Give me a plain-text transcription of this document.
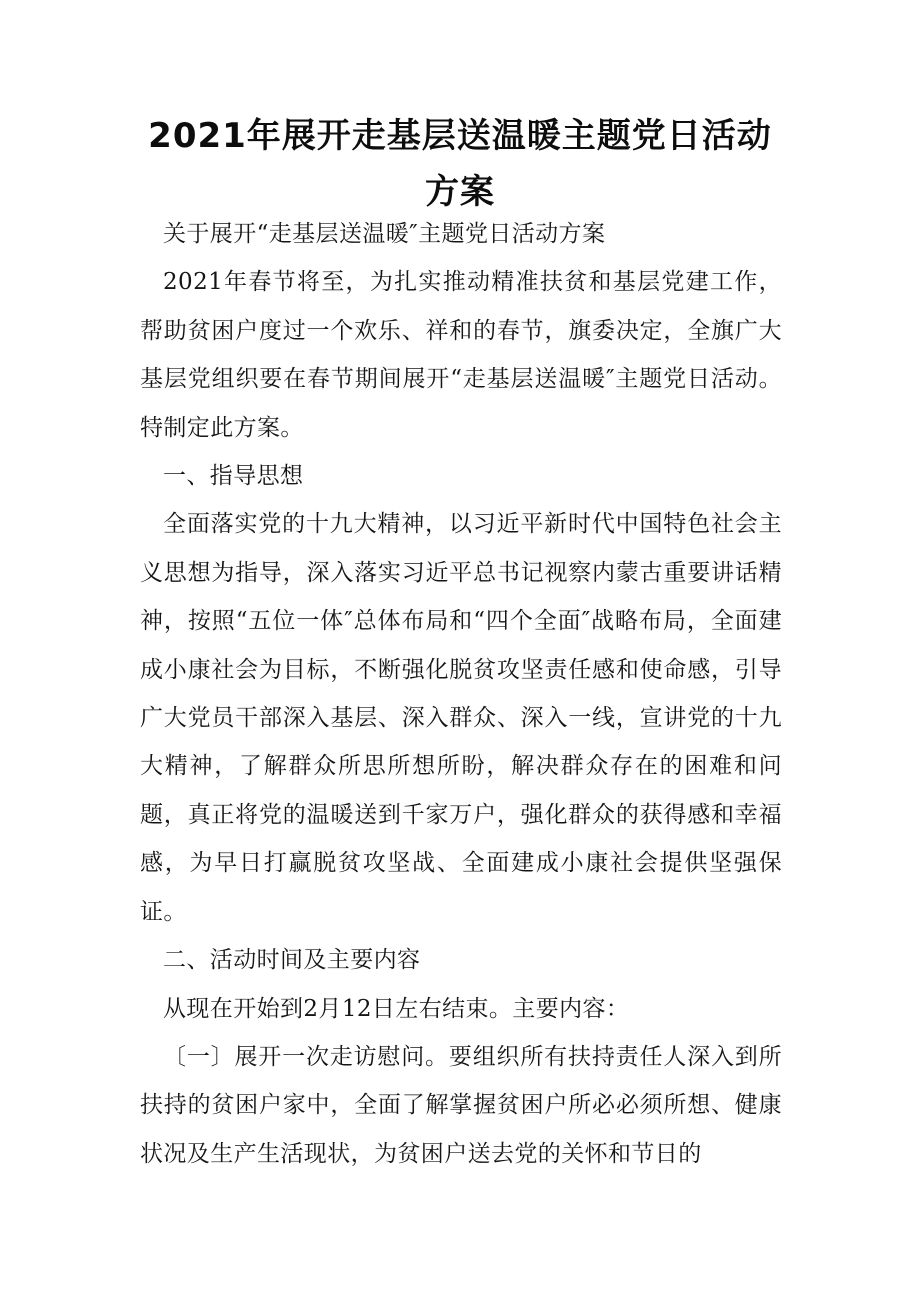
2021年展开走基层送温暖主题党日活动方案

关于展开“走基层送温暖″主题党日活动方案

2021年春节将至，为扎实推动精准扶贫和基层党建工作，帮助贫困户度过一个欢乐、祥和的春节，旗委决定，全旗广大基层党组织要在春节期间展开“走基层送温暖″主题党日活动。特制定此方案。

一、指导思想

全面落实党的十九大精神，以习近平新时代中国特色社会主义思想为指导，深入落实习近平总书记视察内蒙古重要讲话精神，按照“五位一体″总体布局和“四个全面″战略布局，全面建成小康社会为目标，不断强化脱贫攻坚责任感和使命感，引导广大党员干部深入基层、深入群众、深入一线，宣讲党的十九大精神，了解群众所思所想所盼，解决群众存在的困难和问题，真正将党的温暖送到千家万户，强化群众的获得感和幸福感，为早日打赢脱贫攻坚战、全面建成小康社会提供坚强保证。

二、活动时间及主要内容

从现在开始到2月12日左右结束。主要内容：

〔一〕展开一次走访慰问。要组织所有扶持责任人深入到所扶持的贫困户家中，全面了解掌握贫困户所必必须所想、健康状况及生产生活现状，为贫困户送去党的关怀和节日的
